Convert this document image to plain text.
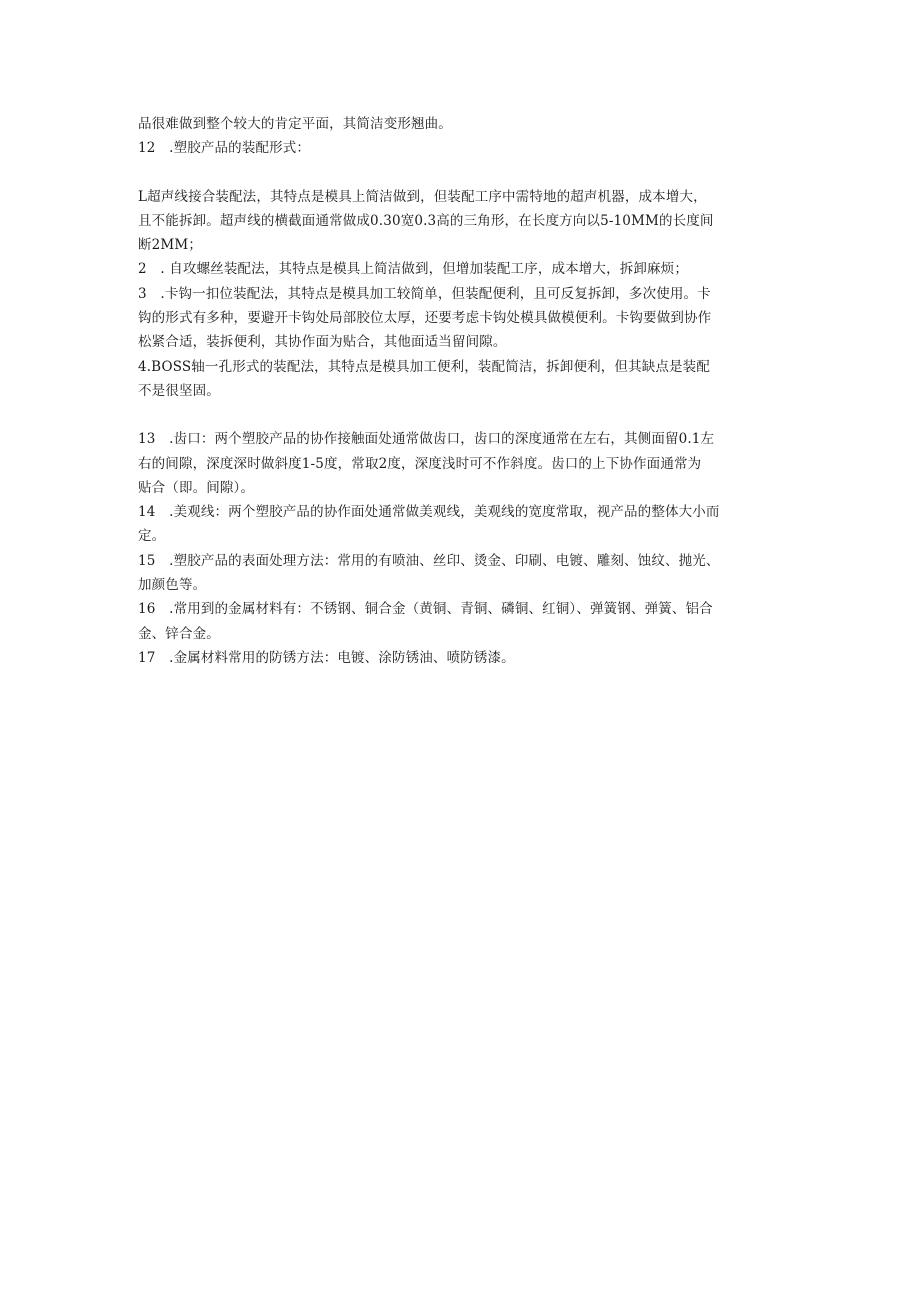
品很难做到整个较大的肯定平面，其简洁变形翘曲。
12　.塑胶产品的装配形式：
L超声线接合装配法，其特点是模具上简洁做到，但装配工序中需特地的超声机器，成本增大，
且不能拆卸。超声线的横截面通常做成0.30宽0.3高的三角形，在长度方向以5-10MM的长度间
断2MM；
2　. 自攻螺丝装配法，其特点是模具上简洁做到，但增加装配工序，成本增大，拆卸麻烦；
3　.卡钩一扣位装配法，其特点是模具加工较简单，但装配便利，且可反复拆卸，多次使用。卡
钩的形式有多种，要避开卡钩处局部胶位太厚，还要考虑卡钩处模具做模便利。卡钩要做到协作
松紧合适，装拆便利，其协作面为贴合，其他面适当留间隙。
4.BOSS轴一孔形式的装配法，其特点是模具加工便利，装配简洁，拆卸便利，但其缺点是装配
不是很坚固。
13　.齿口：两个塑胶产品的协作接触面处通常做齿口，齿口的深度通常在左右，其侧面留0.1左
右的间隙，深度深时做斜度1-5度，常取2度，深度浅时可不作斜度。齿口的上下协作面通常为
贴合（即。间隙）。
14　.美观线：两个塑胶产品的协作面处通常做美观线，美观线的宽度常取，视产品的整体大小而
定。
15　.塑胶产品的表面处理方法：常用的有喷油、丝印、烫金、印刷、电镀、雕刻、蚀纹、抛光、
加颜色等。
16　.常用到的金属材料有：不锈钢、铜合金（黄铜、青铜、磷铜、红铜）、弹簧钢、弹簧、铝合
金、锌合金。
17　.金属材料常用的防锈方法：电镀、涂防锈油、喷防锈漆。
